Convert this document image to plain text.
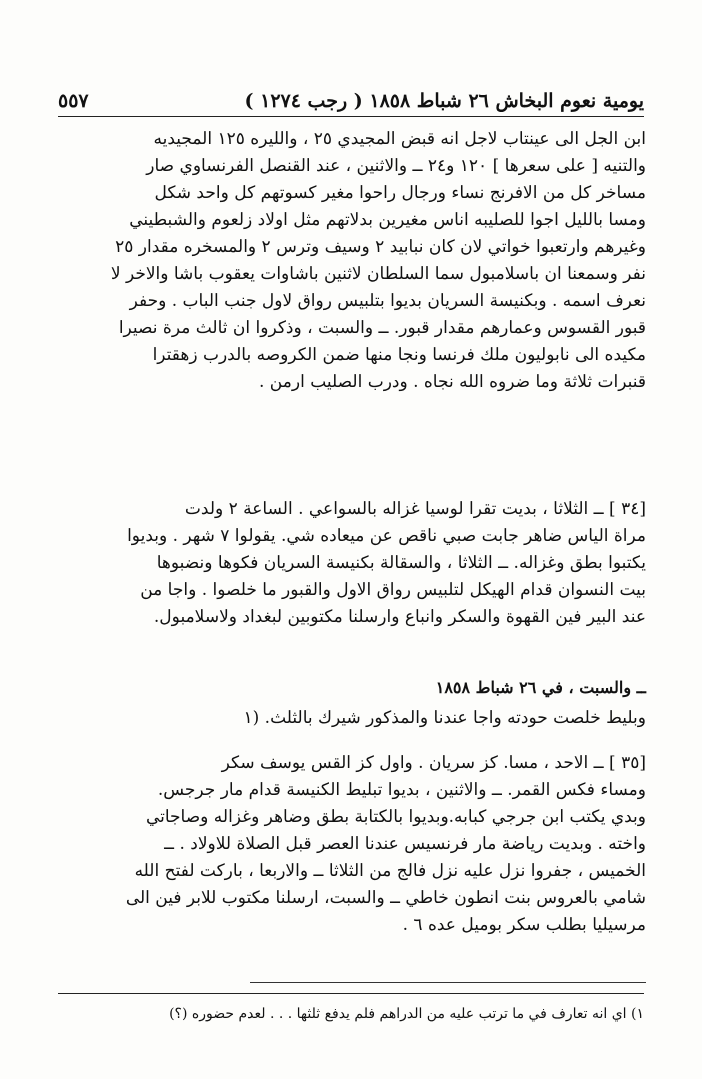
يومية نعوم البخاش ٢٦ شباط ١٨٥٨ ( رجب ١٢٧٤ )
٥٥٧

ابن الجل الى عينتاب لاجل انه قبض المجيدي ٢٥ ، والليره ١٢٥ المجيديه

والتنيه [ على سعرها ] ١٢٠ و٢٤ ــ والاثنين ، عند القنصل الفرنساوي صار

مساخر كل من الافرنج نساء ورجال راحوا مغير كسوتهم كل واحد شكل

ومسا بالليل اجوا للصليبه اناس مغيرين بدلاتهم مثل اولاد زلعوم والشبطيني

وغيرهم وارتعبوا خواتي لان كان نبابيد ٢ وسيف وترس ٢ والمسخره مقدار ٢٥

نفر وسمعنا ان باسلامبول سما السلطان لاثنين باشاوات يعقوب باشا والاخر لا

نعرف اسمه . وبكنيسة السريان بديوا بتلبيس رواق لاول جنب الباب . وحفر

قبور القسوس وعمارهم مقدار قبور. ــ والسبت ، وذكروا ان ثالث مرة نصيرا

مكيده الى نابوليون ملك فرنسا ونجا منها ضمن الكروصه بالدرب زهقترا

قنبرات ثلاثة وما ضروه الله نجاه . ودرب الصليب ارمن .

[٣٤ ] ــ الثلاثا ، بديت تقرا لوسيا غزاله بالسواعي . الساعة ٢ ولدت

مراة الياس ضاهر جابت صبي ناقص عن ميعاده شي. يقولوا ٧ شهر . وبديوا

يكتبوا بطق وغزاله. ــ الثلاثا ، والسقالة بكنيسة السريان فكوها ونضبوها

بيت النسوان قدام الهيكل لتلبيس رواق الاول والقبور ما خلصوا . واجا من

عند البير فين القهوة والسكر وانباع وارسلنا مكتوبين لبغداد ولاسلامبول.

ــ والسبت ، في ٢٦ شباط ١٨٥٨

وبليط خلصت حودته واجا عندنا والمذكور شيرك بالثلث. (١

[٣٥ ] ــ الاحد ، مسا. كز سريان . واول كز القس يوسف سكر

ومساء فكس القمر. ــ والاثنين ، بديوا تبليط الكنيسة قدام مار جرجس.

وبدي يكتب ابن جرجي كبابه.وبديوا بالكتابة بطق وضاهر وغزاله وصاجاتي

واخته . وبديت رياضة مار فرنسيس عندنا العصر قبل الصلاة للاولاد . ــ

الخميس ، جفروا نزل عليه نزل فالج من الثلاثا ــ والاربعا ، باركت لفتح الله

شامي بالعروس بنت انطون خاطي ــ والسبت، ارسلنا مكتوب للابر فين الى

مرسيليا بطلب سكر بوميل عده ٦ .

١) اي انه تعارف في ما ترتب عليه من الدراهم فلم يدفع ثلثها . . . لعدم حضوره (؟)
